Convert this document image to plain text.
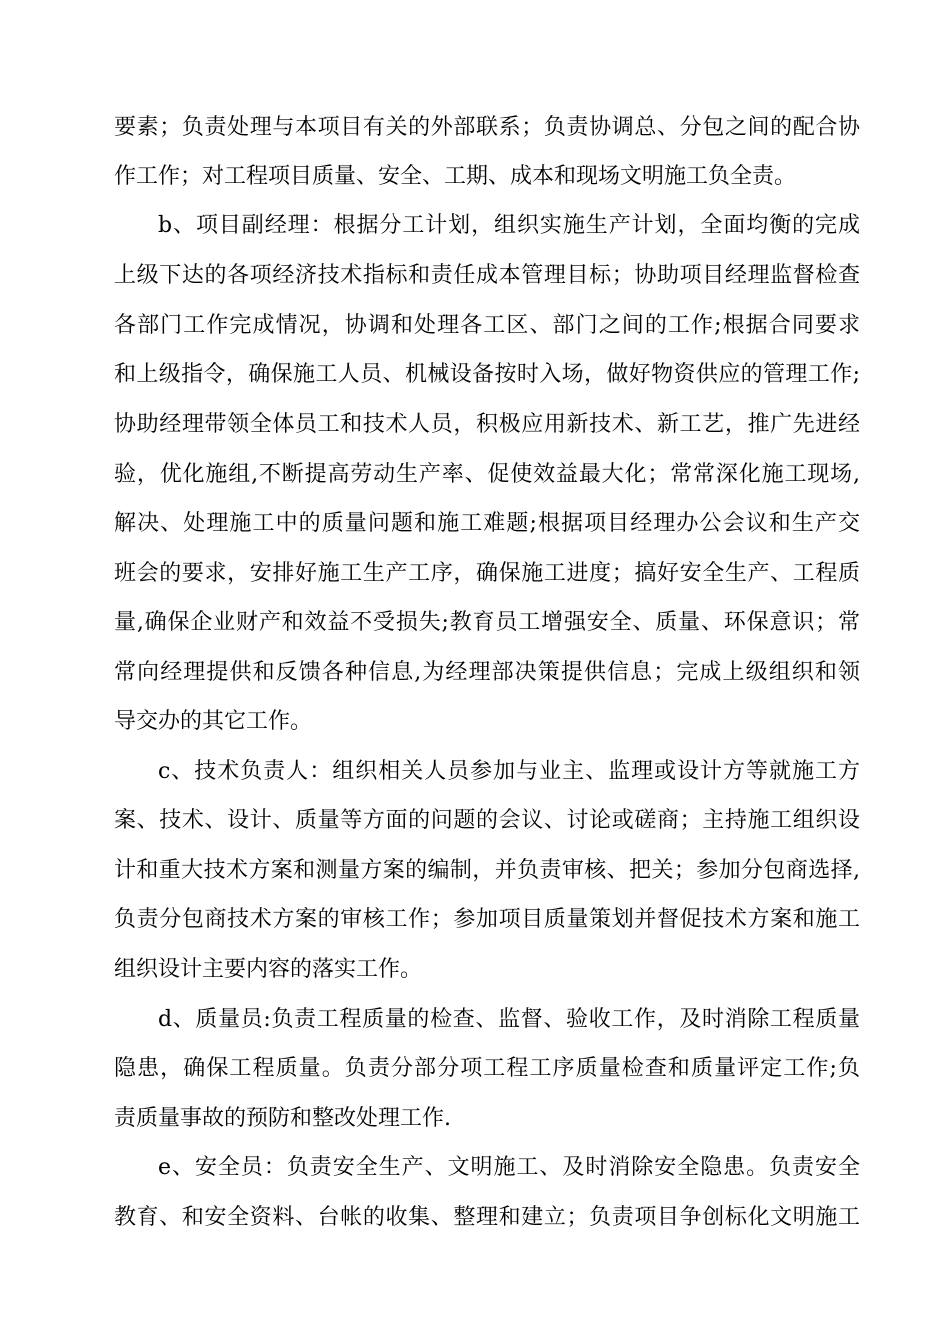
要素；负责处理与本项目有关的外部联系；负责协调总、分包之间的配合协
作工作；对工程项目质量、安全、工期、成本和现场文明施工负全责。
b、项目副经理：根据分工计划，组织实施生产计划，全面均衡的完成
上级下达的各项经济技术指标和责任成本管理目标；协助项目经理监督检查
各部门工作完成情况，协调和处理各工区、部门之间的工作;根据合同要求
和上级指令，确保施工人员、机械设备按时入场，做好物资供应的管理工作;
协助经理带领全体员工和技术人员，积极应用新技术、新工艺，推广先进经
验，优化施组,不断提高劳动生产率、促使效益最大化；常常深化施工现场,
解决、处理施工中的质量问题和施工难题;根据项目经理办公会议和生产交
班会的要求，安排好施工生产工序，确保施工进度；搞好安全生产、工程质
量,确保企业财产和效益不受损失;教育员工增强安全、质量、环保意识；常
常向经理提供和反馈各种信息,为经理部决策提供信息；完成上级组织和领
导交办的其它工作。
c、技术负责人：组织相关人员参加与业主、监理或设计方等就施工方
案、技术、设计、质量等方面的问题的会议、讨论或磋商；主持施工组织设
计和重大技术方案和测量方案的编制，并负责审核、把关；参加分包商选择,
负责分包商技术方案的审核工作；参加项目质量策划并督促技术方案和施工
组织设计主要内容的落实工作。
d、质量员:负责工程质量的检查、监督、验收工作，及时消除工程质量
隐患，确保工程质量。负责分部分项工程工序质量检查和质量评定工作;负
责质量事故的预防和整改处理工作.
e、安全员：负责安全生产、文明施工、及时消除安全隐患。负责安全
教育、和安全资料、台帐的收集、整理和建立；负责项目争创标化文明施工
